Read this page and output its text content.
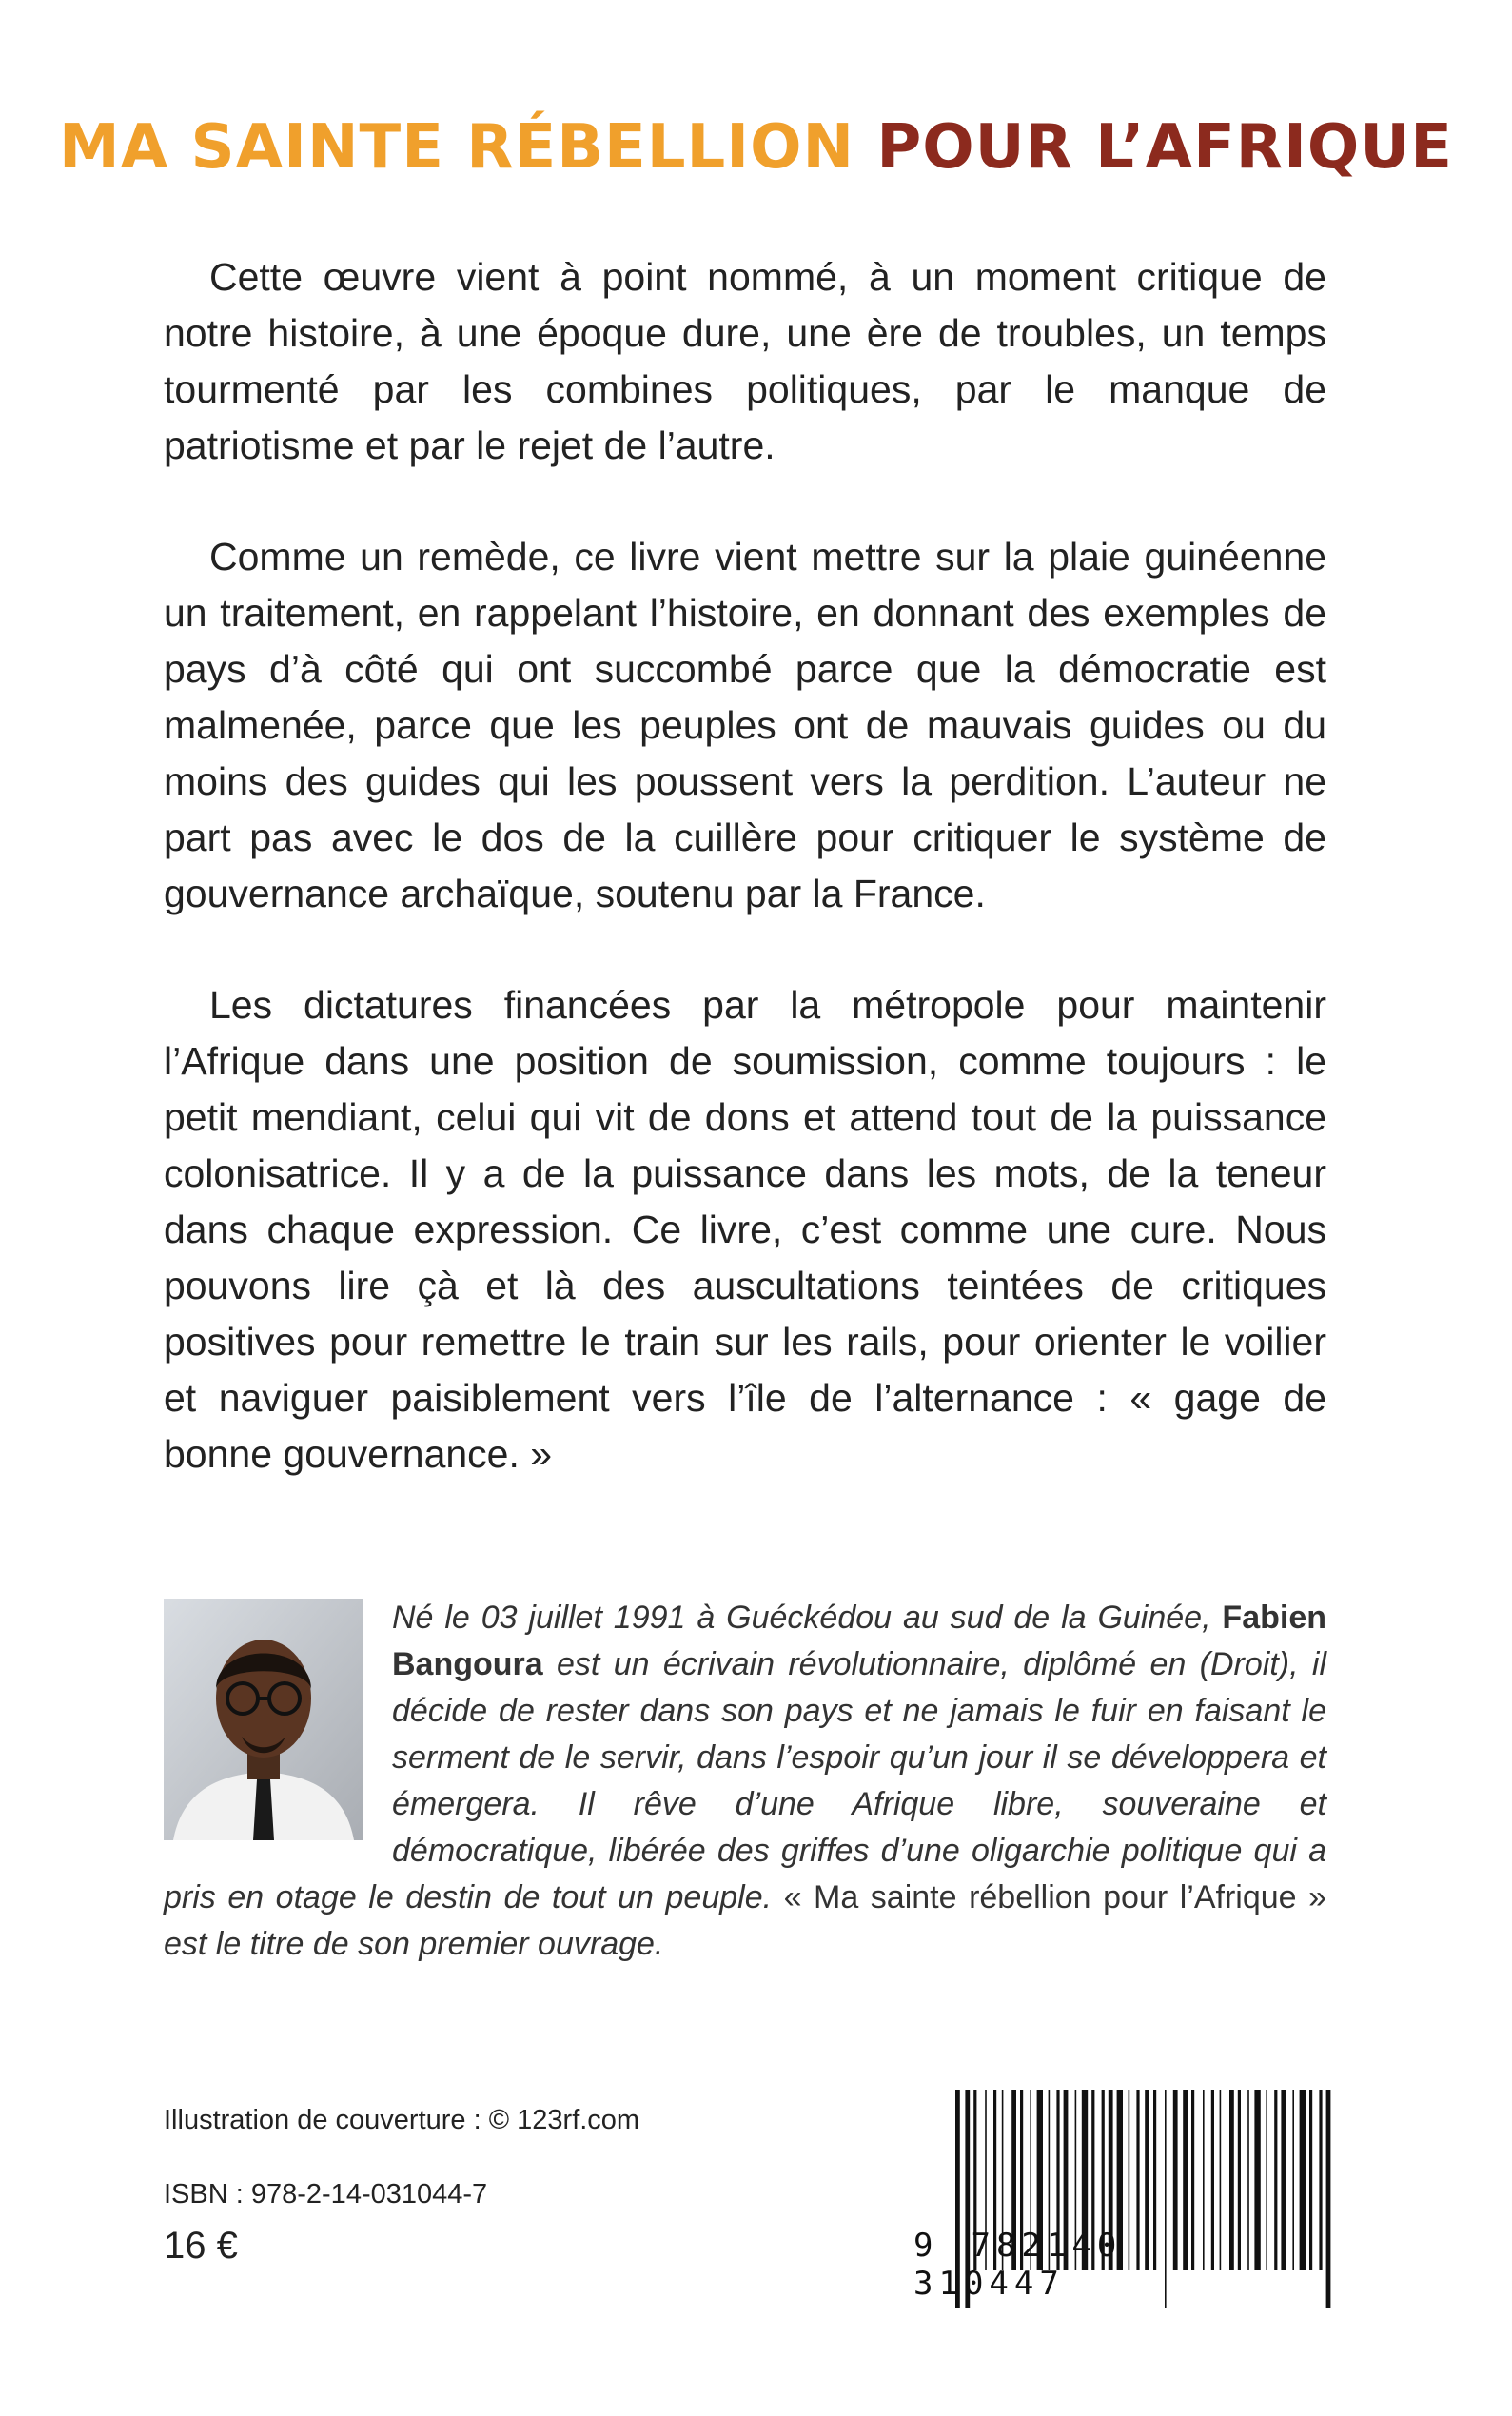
MA SAINTE RÉBELLION POUR L’AFRIQUE

Cette œuvre vient à point nommé, à un moment critique de notre histoire, à une époque dure, une ère de troubles, un temps tourmenté par les combines politiques, par le manque de patriotisme et par le rejet de l’autre.

Comme un remède, ce livre vient mettre sur la plaie guinéenne un traitement, en rappelant l’histoire, en donnant des exemples de pays d’à côté qui ont succombé parce que la démocratie est malmenée, parce que les peuples ont de mauvais guides ou du moins des guides qui les poussent vers la perdition. L’auteur ne part pas avec le dos de la cuillère pour critiquer le système de gouvernance archaïque, soutenu par la France.

Les dictatures financées par la métropole pour maintenir l’Afrique dans une position de soumission, comme toujours : le petit mendiant, celui qui vit de dons et attend tout de la puissance colonisatrice. Il y a de la puissance dans les mots, de la teneur dans chaque expression. Ce livre, c’est comme une cure. Nous pouvons lire çà et là des auscultations teintées de critiques positives pour remettre le train sur les rails, pour orienter le voilier et naviguer paisiblement vers l’île de l’alternance : « gage de bonne gouvernance. »

Né le 03 juillet 1991 à Guéckédou au sud de la Guinée, Fabien Bangoura est un écrivain révolutionnaire, diplômé en (Droit), il décide de rester dans son pays et ne jamais le fuir en faisant le serment de le servir, dans l’espoir qu’un jour il se développera et émergera. Il rêve d’une Afrique libre, souveraine et démocratique, libérée des griffes d’une oligarchie politique qui a pris en otage le destin de tout un peuple. « Ma sainte rébellion pour l’Afrique » est le titre de son premier ouvrage.

Illustration de couverture : © 123rf.com
ISBN : 978-2-14-031044-7
16 €	9 782140 310447
